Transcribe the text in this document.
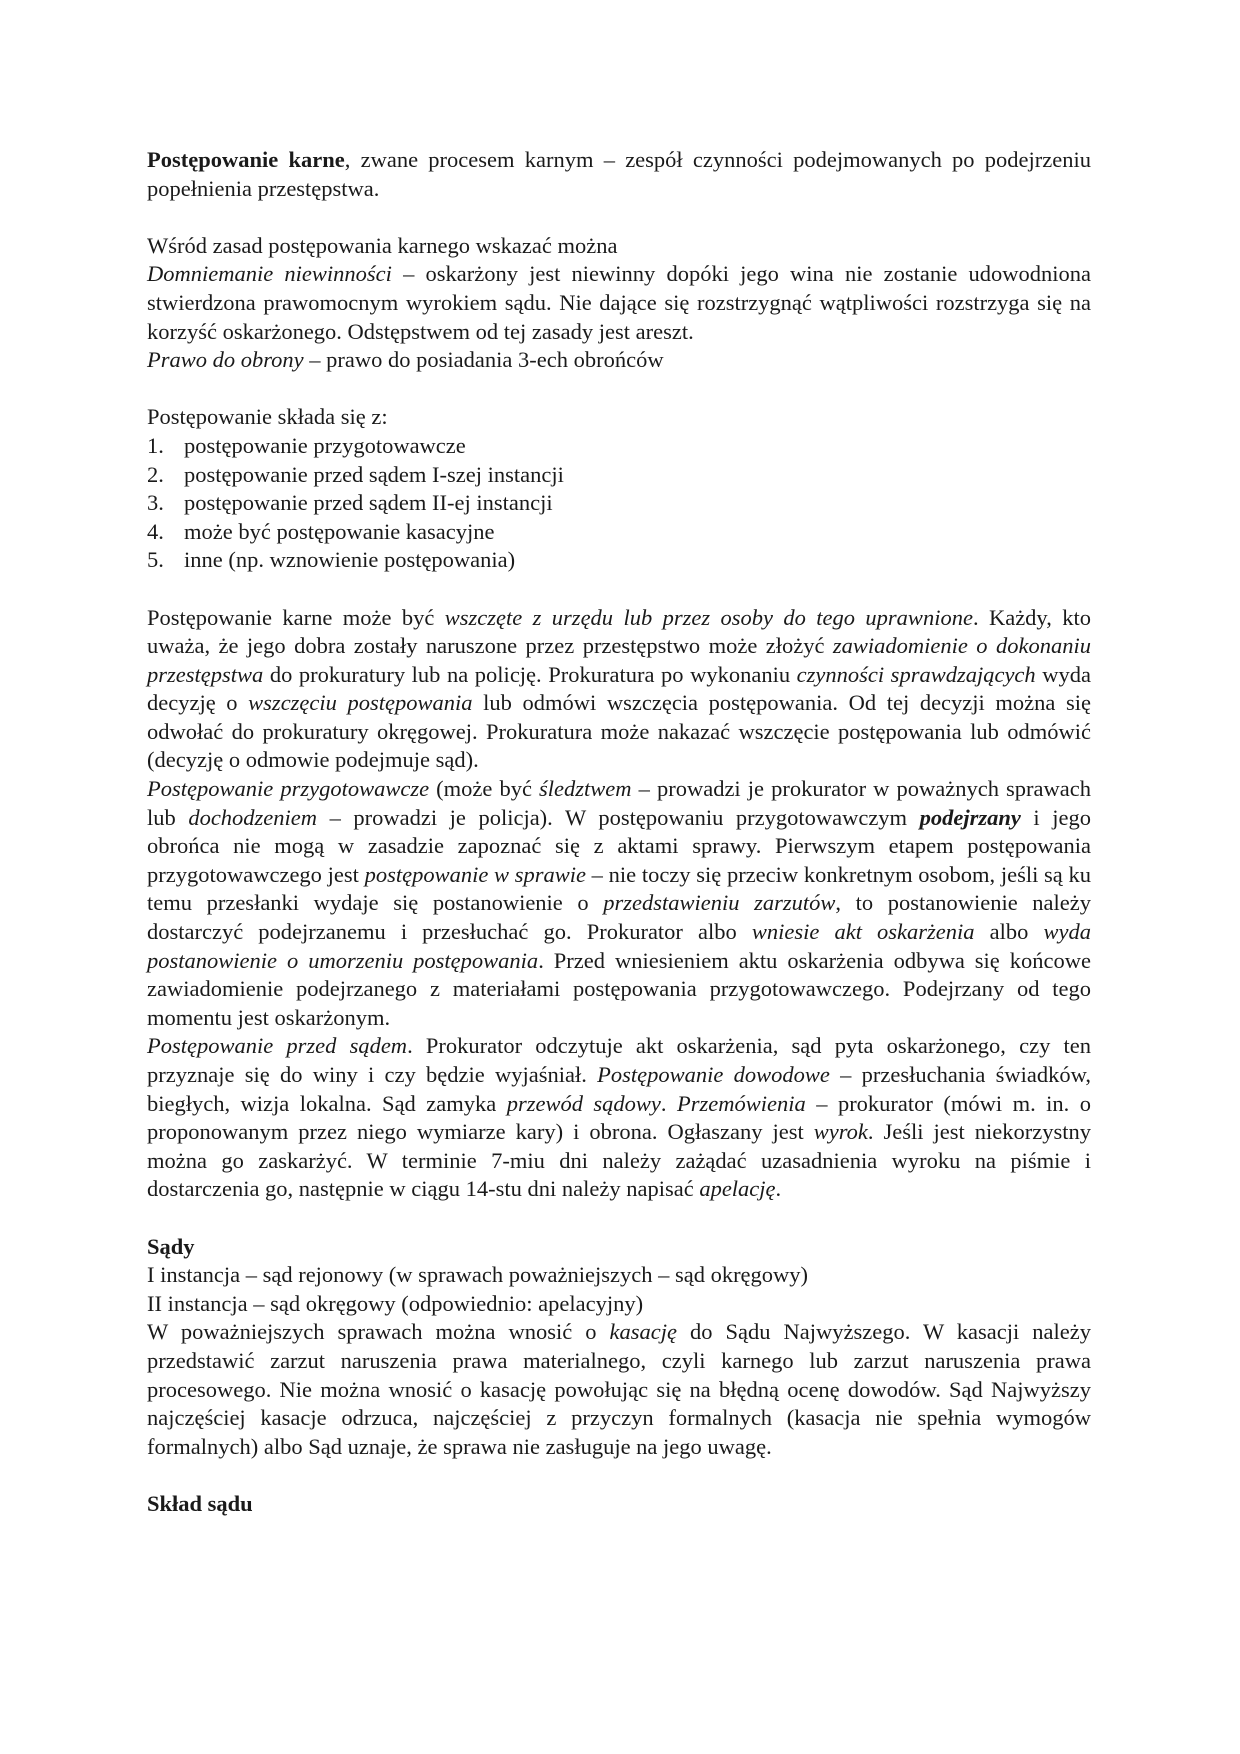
Postępowanie karne, zwane procesem karnym – zespół czynności podejmowanych po podejrzeniu popełnienia przestępstwa.

Wśród zasad postępowania karnego wskazać można

Domniemanie niewinności – oskarżony jest niewinny dopóki jego wina nie zostanie udowodniona stwierdzona prawomocnym wyrokiem sądu. Nie dające się rozstrzygnąć wątpliwości rozstrzyga się na korzyść oskarżonego. Odstępstwem od tej zasady jest areszt.

Prawo do obrony – prawo do posiadania 3-ech obrońców

Postępowanie składa się z:

1. postępowanie przygotowawcze
2. postępowanie przed sądem I-szej instancji
3. postępowanie przed sądem II-ej instancji
4. może być postępowanie kasacyjne
5. inne (np. wznowienie postępowania)

Postępowanie karne może być wszczęte z urzędu lub przez osoby do tego uprawnione. Każdy, kto uważa, że jego dobra zostały naruszone przez przestępstwo może złożyć zawiadomienie o dokonaniu przestępstwa do prokuratury lub na policję. Prokuratura po wykonaniu czynności sprawdzających wyda decyzję o wszczęciu postępowania lub odmówi wszczęcia postępowania. Od tej decyzji można się odwołać do prokuratury okręgowej. Prokuratura może nakazać wszczęcie postępowania lub odmówić (decyzję o odmowie podejmuje sąd).

Postępowanie przygotowawcze (może być śledztwem – prowadzi je prokurator w poważnych sprawach lub dochodzeniem – prowadzi je policja). W postępowaniu przygotowawczym podejrzany i jego obrońca nie mogą w zasadzie zapoznać się z aktami sprawy. Pierwszym etapem postępowania przygotowawczego jest postępowanie w sprawie – nie toczy się przeciw konkretnym osobom, jeśli są ku temu przesłanki wydaje się postanowienie o przedstawieniu zarzutów, to postanowienie należy dostarczyć podejrzanemu i przesłuchać go. Prokurator albo wniesie akt oskarżenia albo wyda postanowienie o umorzeniu postępowania. Przed wniesieniem aktu oskarżenia odbywa się końcowe zawiadomienie podejrzanego z materiałami postępowania przygotowawczego. Podejrzany od tego momentu jest oskarżonym.

Postępowanie przed sądem. Prokurator odczytuje akt oskarżenia, sąd pyta oskarżonego, czy ten przyznaje się do winy i czy będzie wyjaśniał. Postępowanie dowodowe – przesłuchania świadków, biegłych, wizja lokalna. Sąd zamyka przewód sądowy. Przemówienia – prokurator (mówi m. in. o proponowanym przez niego wymiarze kary) i obrona. Ogłaszany jest wyrok. Jeśli jest niekorzystny można go zaskarżyć. W terminie 7-miu dni należy zażądać uzasadnienia wyroku na piśmie i dostarczenia go, następnie w ciągu 14-stu dni należy napisać apelację.

Sądy

I instancja – sąd rejonowy (w sprawach poważniejszych – sąd okręgowy)

II instancja – sąd okręgowy (odpowiednio: apelacyjny)

W poważniejszych sprawach można wnosić o kasację do Sądu Najwyższego. W kasacji należy przedstawić zarzut naruszenia prawa materialnego, czyli karnego lub zarzut naruszenia prawa procesowego. Nie można wnosić o kasację powołując się na błędną ocenę dowodów. Sąd Najwyższy najczęściej kasacje odrzuca, najczęściej z przyczyn formalnych (kasacja nie spełnia wymogów formalnych) albo Sąd uznaje, że sprawa nie zasługuje na jego uwagę.

Skład sądu
